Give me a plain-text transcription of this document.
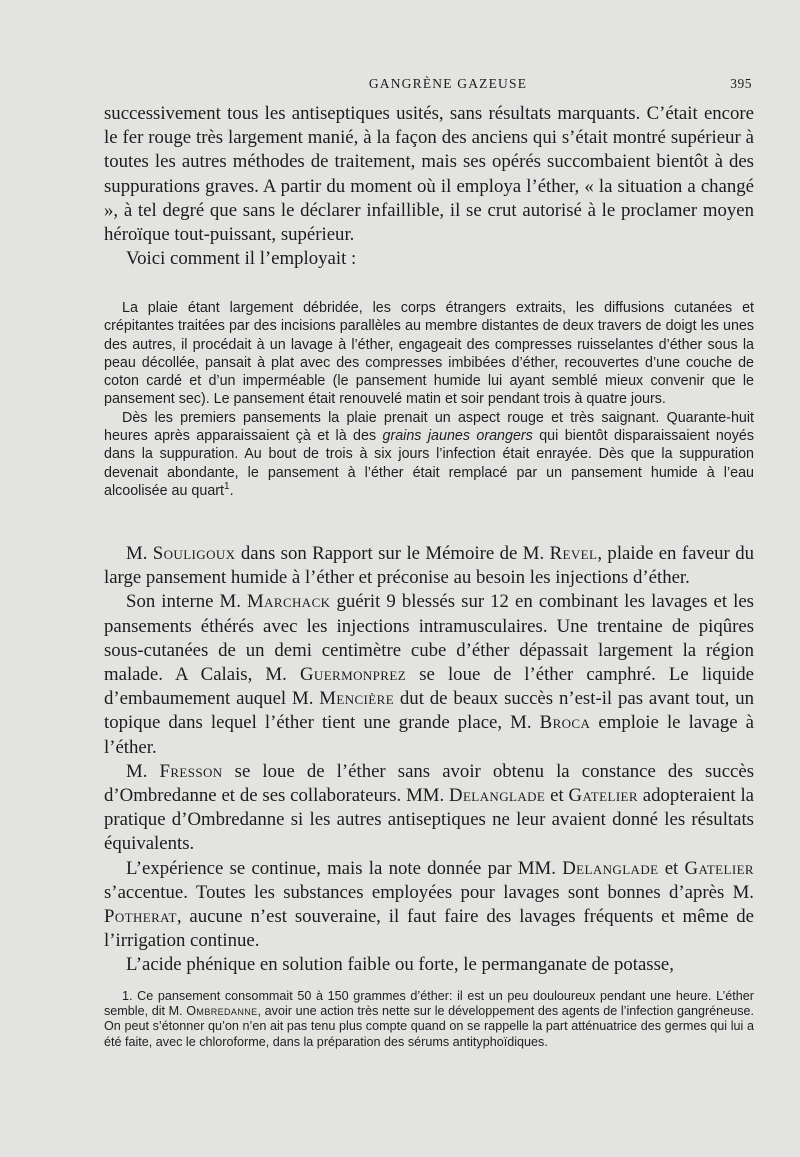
GANGRÈNE GAZEUSE	395

successivement tous les antiseptiques usités, sans résultats marquants. C’était encore le fer rouge très largement manié, à la façon des anciens qui s’était montré supérieur à toutes les autres méthodes de traitement, mais ses opérés succombaient bientôt à des suppurations graves. A partir du moment où il employa l’éther, « la situation a changé », à tel degré que sans le déclarer infaillible, il se crut autorisé à le proclamer moyen héroïque tout-puissant, supérieur.

Voici comment il l’employait :

La plaie étant largement débridée, les corps étrangers extraits, les diffusions cutanées et crépitantes traitées par des incisions parallèles au membre distantes de deux travers de doigt les unes des autres, il procédait à un lavage à l’éther, engageait des compresses ruisselantes d’éther sous la peau décollée, pansait à plat avec des compresses imbibées d’éther, recouvertes d’une couche de coton cardé et d’un imperméable (le pansement humide lui ayant semblé mieux convenir que le pansement sec). Le pansement était renouvelé matin et soir pendant trois à quatre jours.

Dès les premiers pansements la plaie prenait un aspect rouge et très saignant. Quarante-huit heures après apparaissaient çà et là des grains jaunes orangers qui bientôt disparaissaient noyés dans la suppuration. Au bout de trois à six jours l’infection était enrayée. Dès que la suppuration devenait abondante, le pansement à l’éther était remplacé par un pansement humide à l’eau alcoolisée au quart$^1$.

M. Souligoux dans son Rapport sur le Mémoire de M. Revel, plaide en faveur du large pansement humide à l’éther et préconise au besoin les injections d’éther.

Son interne M. Marchack guérit 9 blessés sur 12 en combinant les lavages et les pansements éthérés avec les injections intramusculaires. Une trentaine de piqûres sous-cutanées de un demi centimètre cube d’éther dépassait largement la région malade. A Calais, M. Guermonprez se loue de l’éther camphré. Le liquide d’embaumement auquel M. Mencière dut de beaux succès n’est-il pas avant tout, un topique dans lequel l’éther tient une grande place, M. Broca emploie le lavage à l’éther.

M. Fresson se loue de l’éther sans avoir obtenu la constance des succès d’Ombredanne et de ses collaborateurs. MM. Delanglade et Gatelier adopteraient la pratique d’Ombredanne si les autres antiseptiques ne leur avaient donné les résultats équivalents.

L’expérience se continue, mais la note donnée par MM. Delanglade et Gatelier s’accentue. Toutes les substances employées pour lavages sont bonnes d’après M. Potherat, aucune n’est souveraine, il faut faire des lavages fréquents et même de l’irrigation continue.

L’acide phénique en solution faible ou forte, le permanganate de potasse,

1. Ce pansement consommait 50 à 150 grammes d’éther: il est un peu douloureux pendant une heure. L’éther semble, dit M. Ombredanne, avoir une action très nette sur le développement des agents de l’infection gangréneuse. On peut s’étonner qu’on n’en ait pas tenu plus compte quand on se rappelle la part atténuatrice des germes qui lui a été faite, avec le chloroforme, dans la préparation des sérums antityphoïdiques.
